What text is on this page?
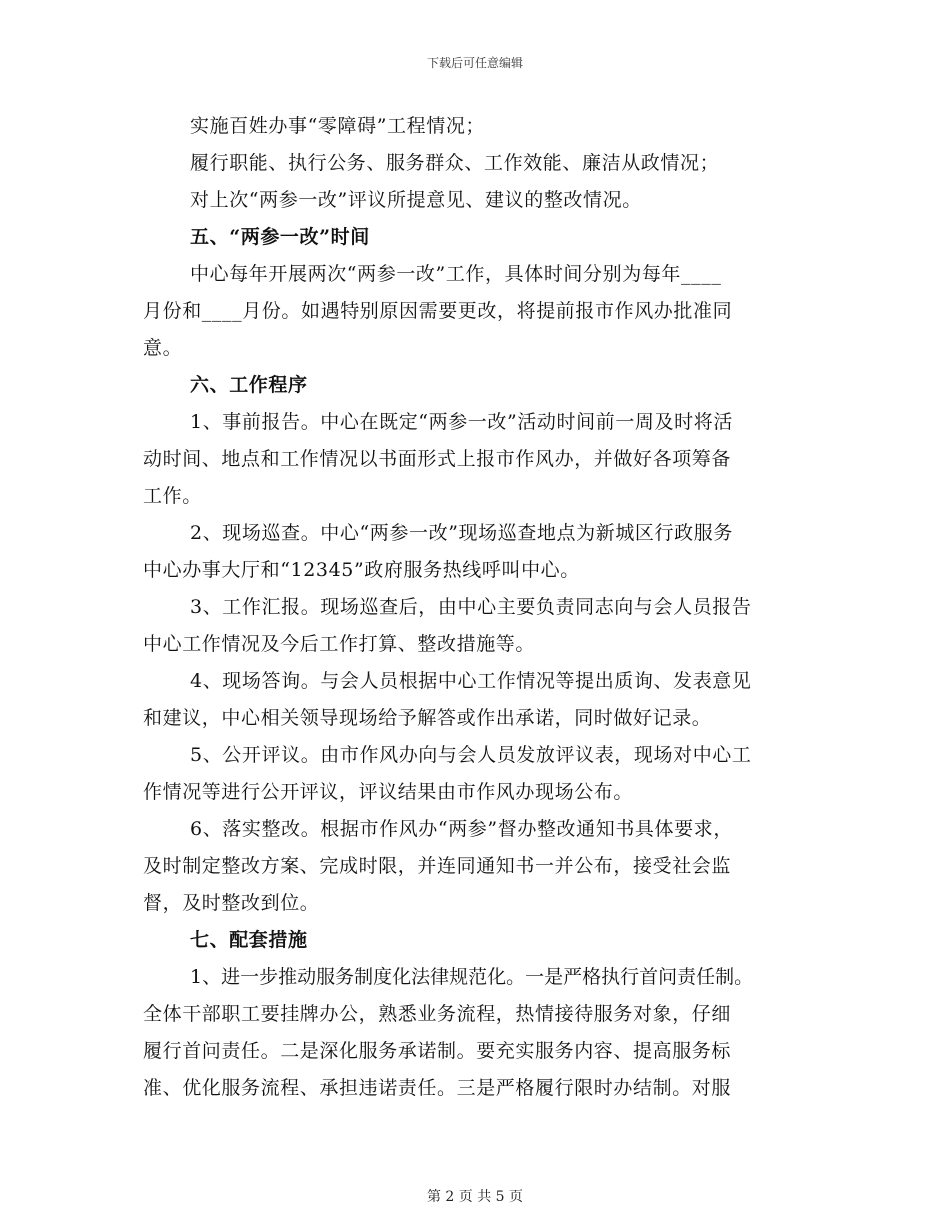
下载后可任意编辑
实施百姓办事“零障碍”工程情况；
履行职能、执行公务、服务群众、工作效能、廉洁从政情况；
对上次“两参一改”评议所提意见、建议的整改情况。
五、“两参一改”时间
中心每年开展两次“两参一改”工作，具体时间分别为每年____
月份和____月份。如遇特别原因需要更改，将提前报市作风办批准同
意。
六、工作程序
1、事前报告。中心在既定“两参一改”活动时间前一周及时将活
动时间、地点和工作情况以书面形式上报市作风办，并做好各项筹备
工作。
2、现场巡查。中心“两参一改”现场巡查地点为新城区行政服务
中心办事大厅和“12345”政府服务热线呼叫中心。
3、工作汇报。现场巡查后，由中心主要负责同志向与会人员报告
中心工作情况及今后工作打算、整改措施等。
4、现场答询。与会人员根据中心工作情况等提出质询、发表意见
和建议，中心相关领导现场给予解答或作出承诺，同时做好记录。
5、公开评议。由市作风办向与会人员发放评议表，现场对中心工
作情况等进行公开评议，评议结果由市作风办现场公布。
6、落实整改。根据市作风办“两参”督办整改通知书具体要求，
及时制定整改方案、完成时限，并连同通知书一并公布，接受社会监
督，及时整改到位。
七、配套措施
1、进一步推动服务制度化法律规范化。一是严格执行首问责任制。
全体干部职工要挂牌办公，熟悉业务流程，热情接待服务对象，仔细
履行首问责任。二是深化服务承诺制。要充实服务内容、提高服务标
准、优化服务流程、承担违诺责任。三是严格履行限时办结制。对服
第 2 页 共 5 页
